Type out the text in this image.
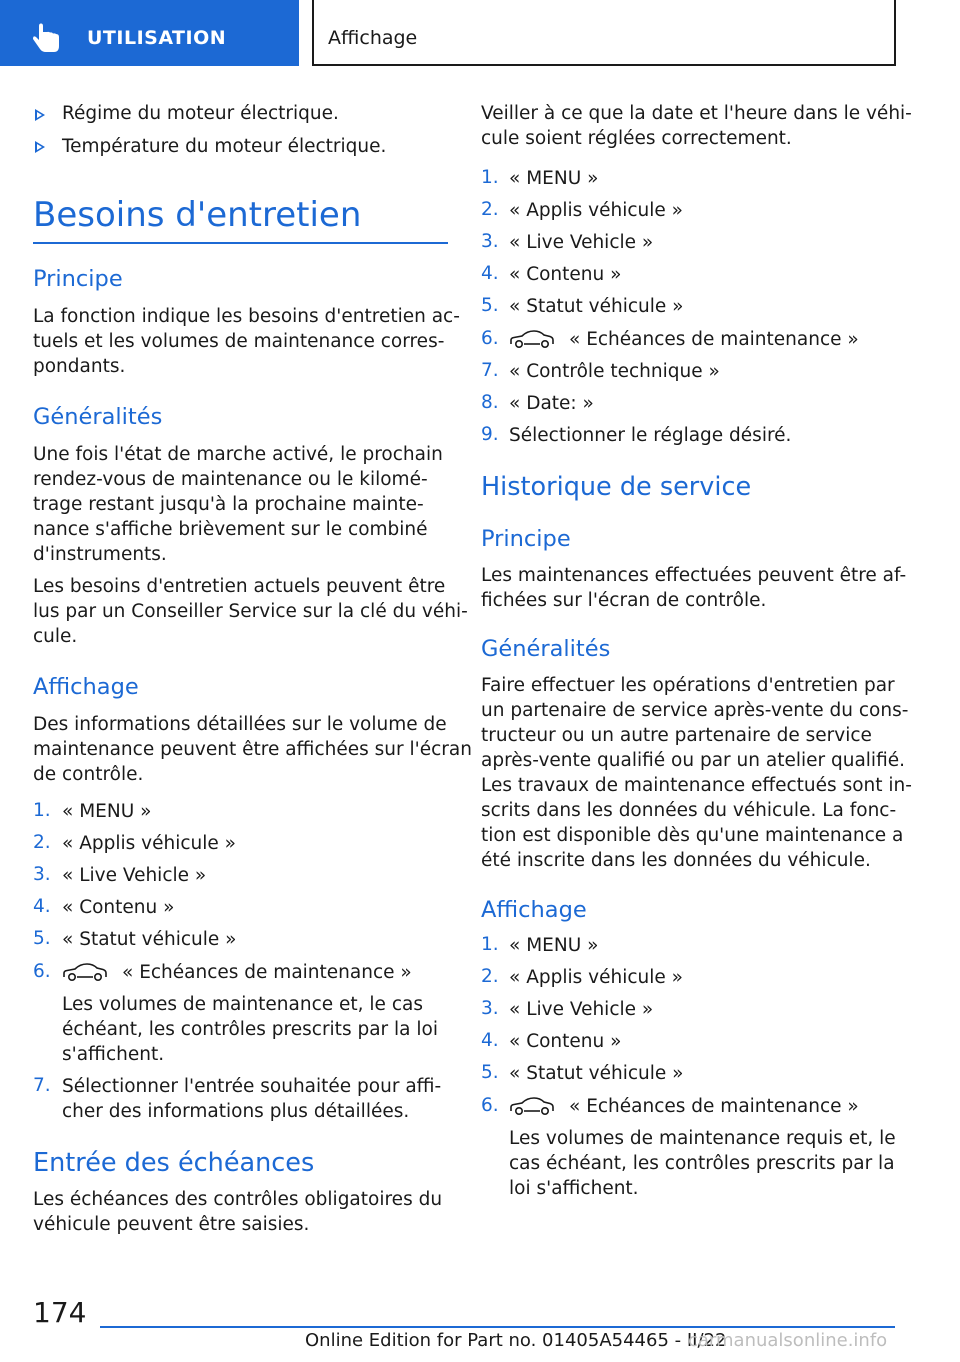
UTILISATION	Affichage
Régime du moteur électrique.
Température du moteur électrique.
Besoins d'entretien
Principe
La fonction indique les besoins d'entretien ac-
tuels et les volumes de maintenance corres-
pondants.
Généralités
Une fois l'état de marche activé, le prochain
rendez-vous de maintenance ou le kilomé-
trage restant jusqu'à la prochaine mainte-
nance s'affiche brièvement sur le combiné
d'instruments.
Les besoins d'entretien actuels peuvent être
lus par un Conseiller Service sur la clé du véhi-
cule.
Affichage
Des informations détaillées sur le volume de
maintenance peuvent être affichées sur l'écran
de contrôle.
1. « MENU »
2. « Applis véhicule »
3. « Live Vehicle »
4. « Contenu »
5. « Statut véhicule »
6.	« Echéances de maintenance »
Les volumes de maintenance et, le cas
échéant, les contrôles prescrits par la loi
s'affichent.
7. Sélectionner l'entrée souhaitée pour affi-
cher des informations plus détaillées.
Entrée des échéances
Les échéances des contrôles obligatoires du
véhicule peuvent être saisies.
Veiller à ce que la date et l'heure dans le véhi-
cule soient réglées correctement.
1. « MENU »
2. « Applis véhicule »
3. « Live Vehicle »
4. « Contenu »
5. « Statut véhicule »
6.	« Echéances de maintenance »
7. « Contrôle technique »
8. « Date: »
9. Sélectionner le réglage désiré.
Historique de service
Principe
Les maintenances effectuées peuvent être af-
fichées sur l'écran de contrôle.
Généralités
Faire effectuer les opérations d'entretien par
un partenaire de service après-vente du cons-
tructeur ou un autre partenaire de service
après-vente qualifié ou par un atelier qualifié.
Les travaux de maintenance effectués sont in-
scrits dans les données du véhicule. La fonc-
tion est disponible dès qu'une maintenance a
été inscrite dans les données du véhicule.
Affichage
1. « MENU »
2. « Applis véhicule »
3. « Live Vehicle »
4. « Contenu »
5. « Statut véhicule »
6.	« Echéances de maintenance »
Les volumes de maintenance requis et, le
cas échéant, les contrôles prescrits par la
loi s'affichent.
174
Online Edition for Part no. 01405A54465 - II/22
carmanualsonline.info
